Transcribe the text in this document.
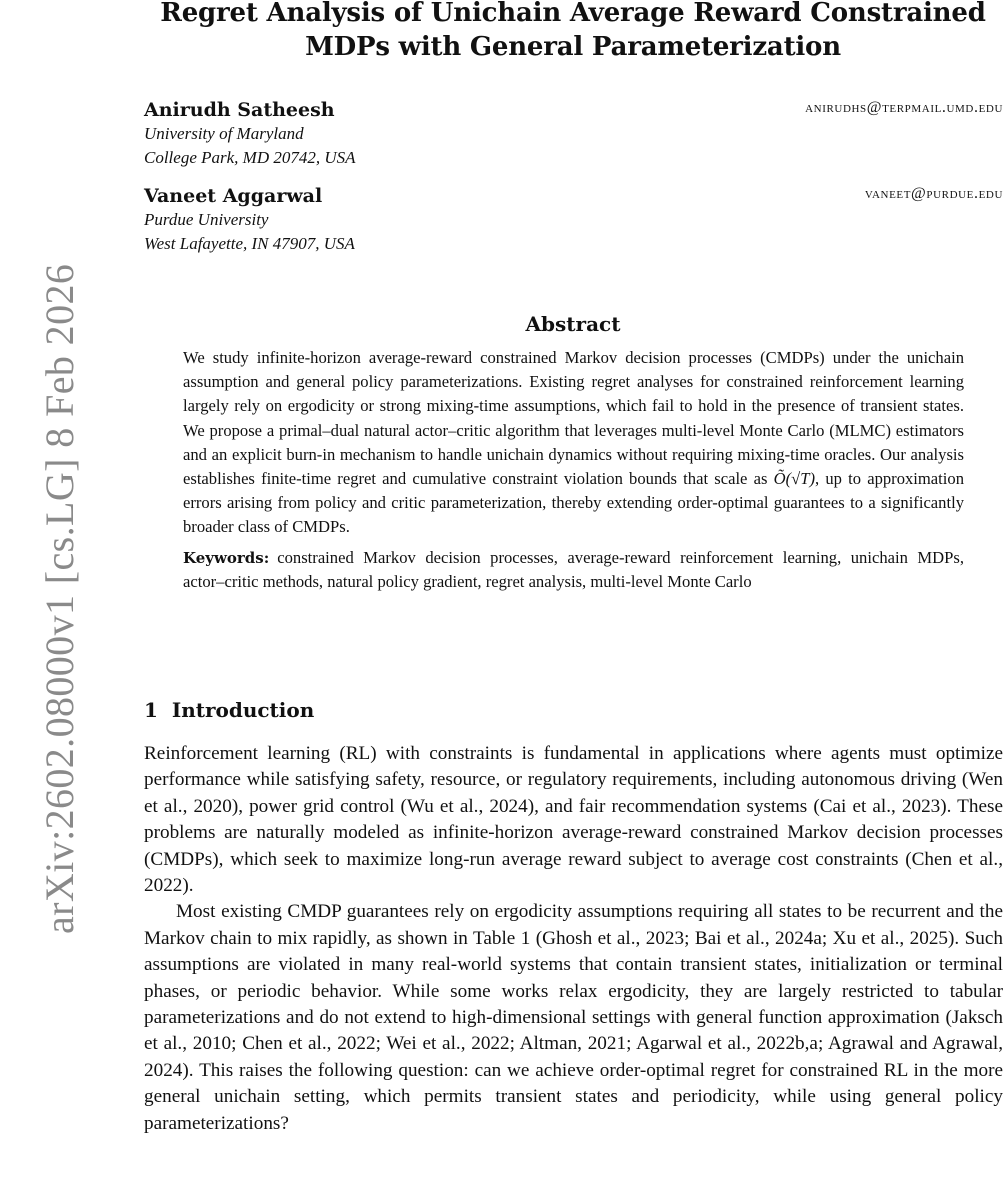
arXiv:2602.08000v1 [cs.LG] 8 Feb 2026
Regret Analysis of Unichain Average Reward Constrained MDPs with General Parameterization
Anirudh Satheesh	anirudhs@terpmail.umd.edu
University of Maryland
College Park, MD 20742, USA
Vaneet Aggarwal	vaneet@purdue.edu
Purdue University
West Lafayette, IN 47907, USA
Abstract

We study infinite-horizon average-reward constrained Markov decision processes (CMDPs) under the unichain assumption and general policy parameterizations. Existing regret analyses for constrained reinforcement learning largely rely on ergodicity or strong mixing-time assumptions, which fail to hold in the presence of transient states. We propose a primal–dual natural actor–critic algorithm that leverages multi-level Monte Carlo (MLMC) estimators and an explicit burn-in mechanism to handle unichain dynamics without requiring mixing-time oracles. Our analysis establishes finite-time regret and cumulative constraint violation bounds that scale as Õ(√T), up to approximation errors arising from policy and critic parameterization, thereby extending order-optimal guarantees to a significantly broader class of CMDPs.

Keywords: constrained Markov decision processes, average-reward reinforcement learning, unichain MDPs, actor–critic methods, natural policy gradient, regret analysis, multi-level Monte Carlo

1  Introduction

Reinforcement learning (RL) with constraints is fundamental in applications where agents must optimize performance while satisfying safety, resource, or regulatory requirements, including autonomous driving (Wen et al., 2020), power grid control (Wu et al., 2024), and fair recommendation systems (Cai et al., 2023). These problems are naturally modeled as infinite-horizon average-reward constrained Markov decision processes (CMDPs), which seek to maximize long-run average reward subject to average cost constraints (Chen et al., 2022).

Most existing CMDP guarantees rely on ergodicity assumptions requiring all states to be recurrent and the Markov chain to mix rapidly, as shown in Table 1 (Ghosh et al., 2023; Bai et al., 2024a; Xu et al., 2025). Such assumptions are violated in many real-world systems that contain transient states, initialization or terminal phases, or periodic behavior. While some works relax ergodicity, they are largely restricted to tabular parameterizations and do not extend to high-dimensional settings with general function approximation (Jaksch et al., 2010; Chen et al., 2022; Wei et al., 2022; Altman, 2021; Agarwal et al., 2022b,a; Agrawal and Agrawal, 2024). This raises the following question: can we achieve order-optimal regret for constrained RL in the more general unichain setting, which permits transient states and periodicity, while using general policy parameterizations?
